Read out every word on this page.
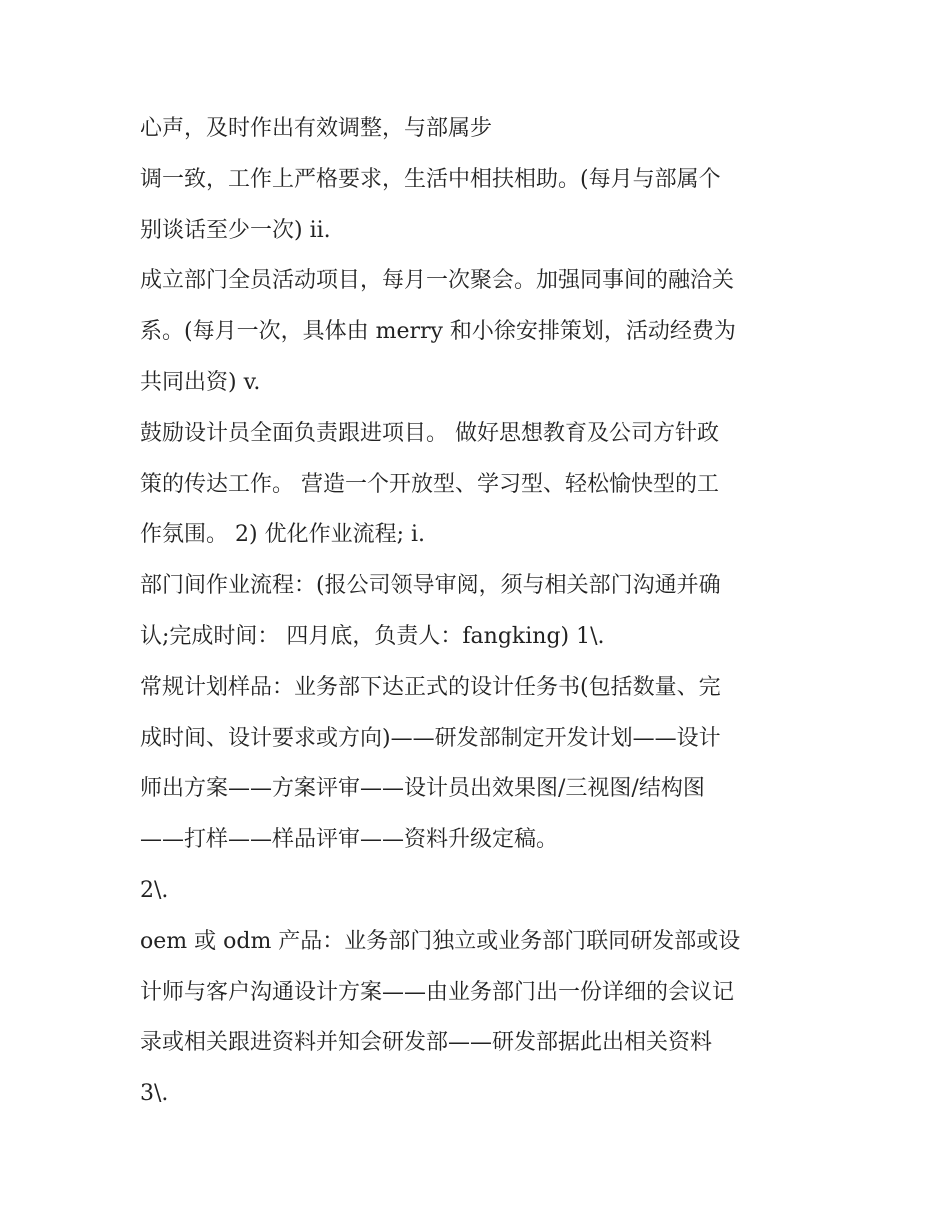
心声，及时作出有效调整，与部属步
调一致，工作上严格要求，生活中相扶相助。(每月与部属个
别谈话至少一次) ii.
成立部门全员活动项目，每月一次聚会。加强同事间的融洽关
系。(每月一次，具体由 merry 和小徐安排策划，活动经费为
共同出资) v.
鼓励设计员全面负责跟进项目。 做好思想教育及公司方针政
策的传达工作。 营造一个开放型、学习型、轻松愉快型的工
作氛围。 2) 优化作业流程; i.
部门间作业流程：(报公司领导审阅，须与相关部门沟通并确
认;完成时间： 四月底，负责人：fangking) 1\.
常规计划样品：业务部下达正式的设计任务书(包括数量、完
成时间、设计要求或方向)——研发部制定开发计划——设计
师出方案——方案评审——设计员出效果图/三视图/结构图
——打样——样品评审——资料升级定稿。
2\.
oem 或 odm 产品：业务部门独立或业务部门联同研发部或设
计师与客户沟通设计方案——由业务部门出一份详细的会议记
录或相关跟进资料并知会研发部——研发部据此出相关资料
3\.
